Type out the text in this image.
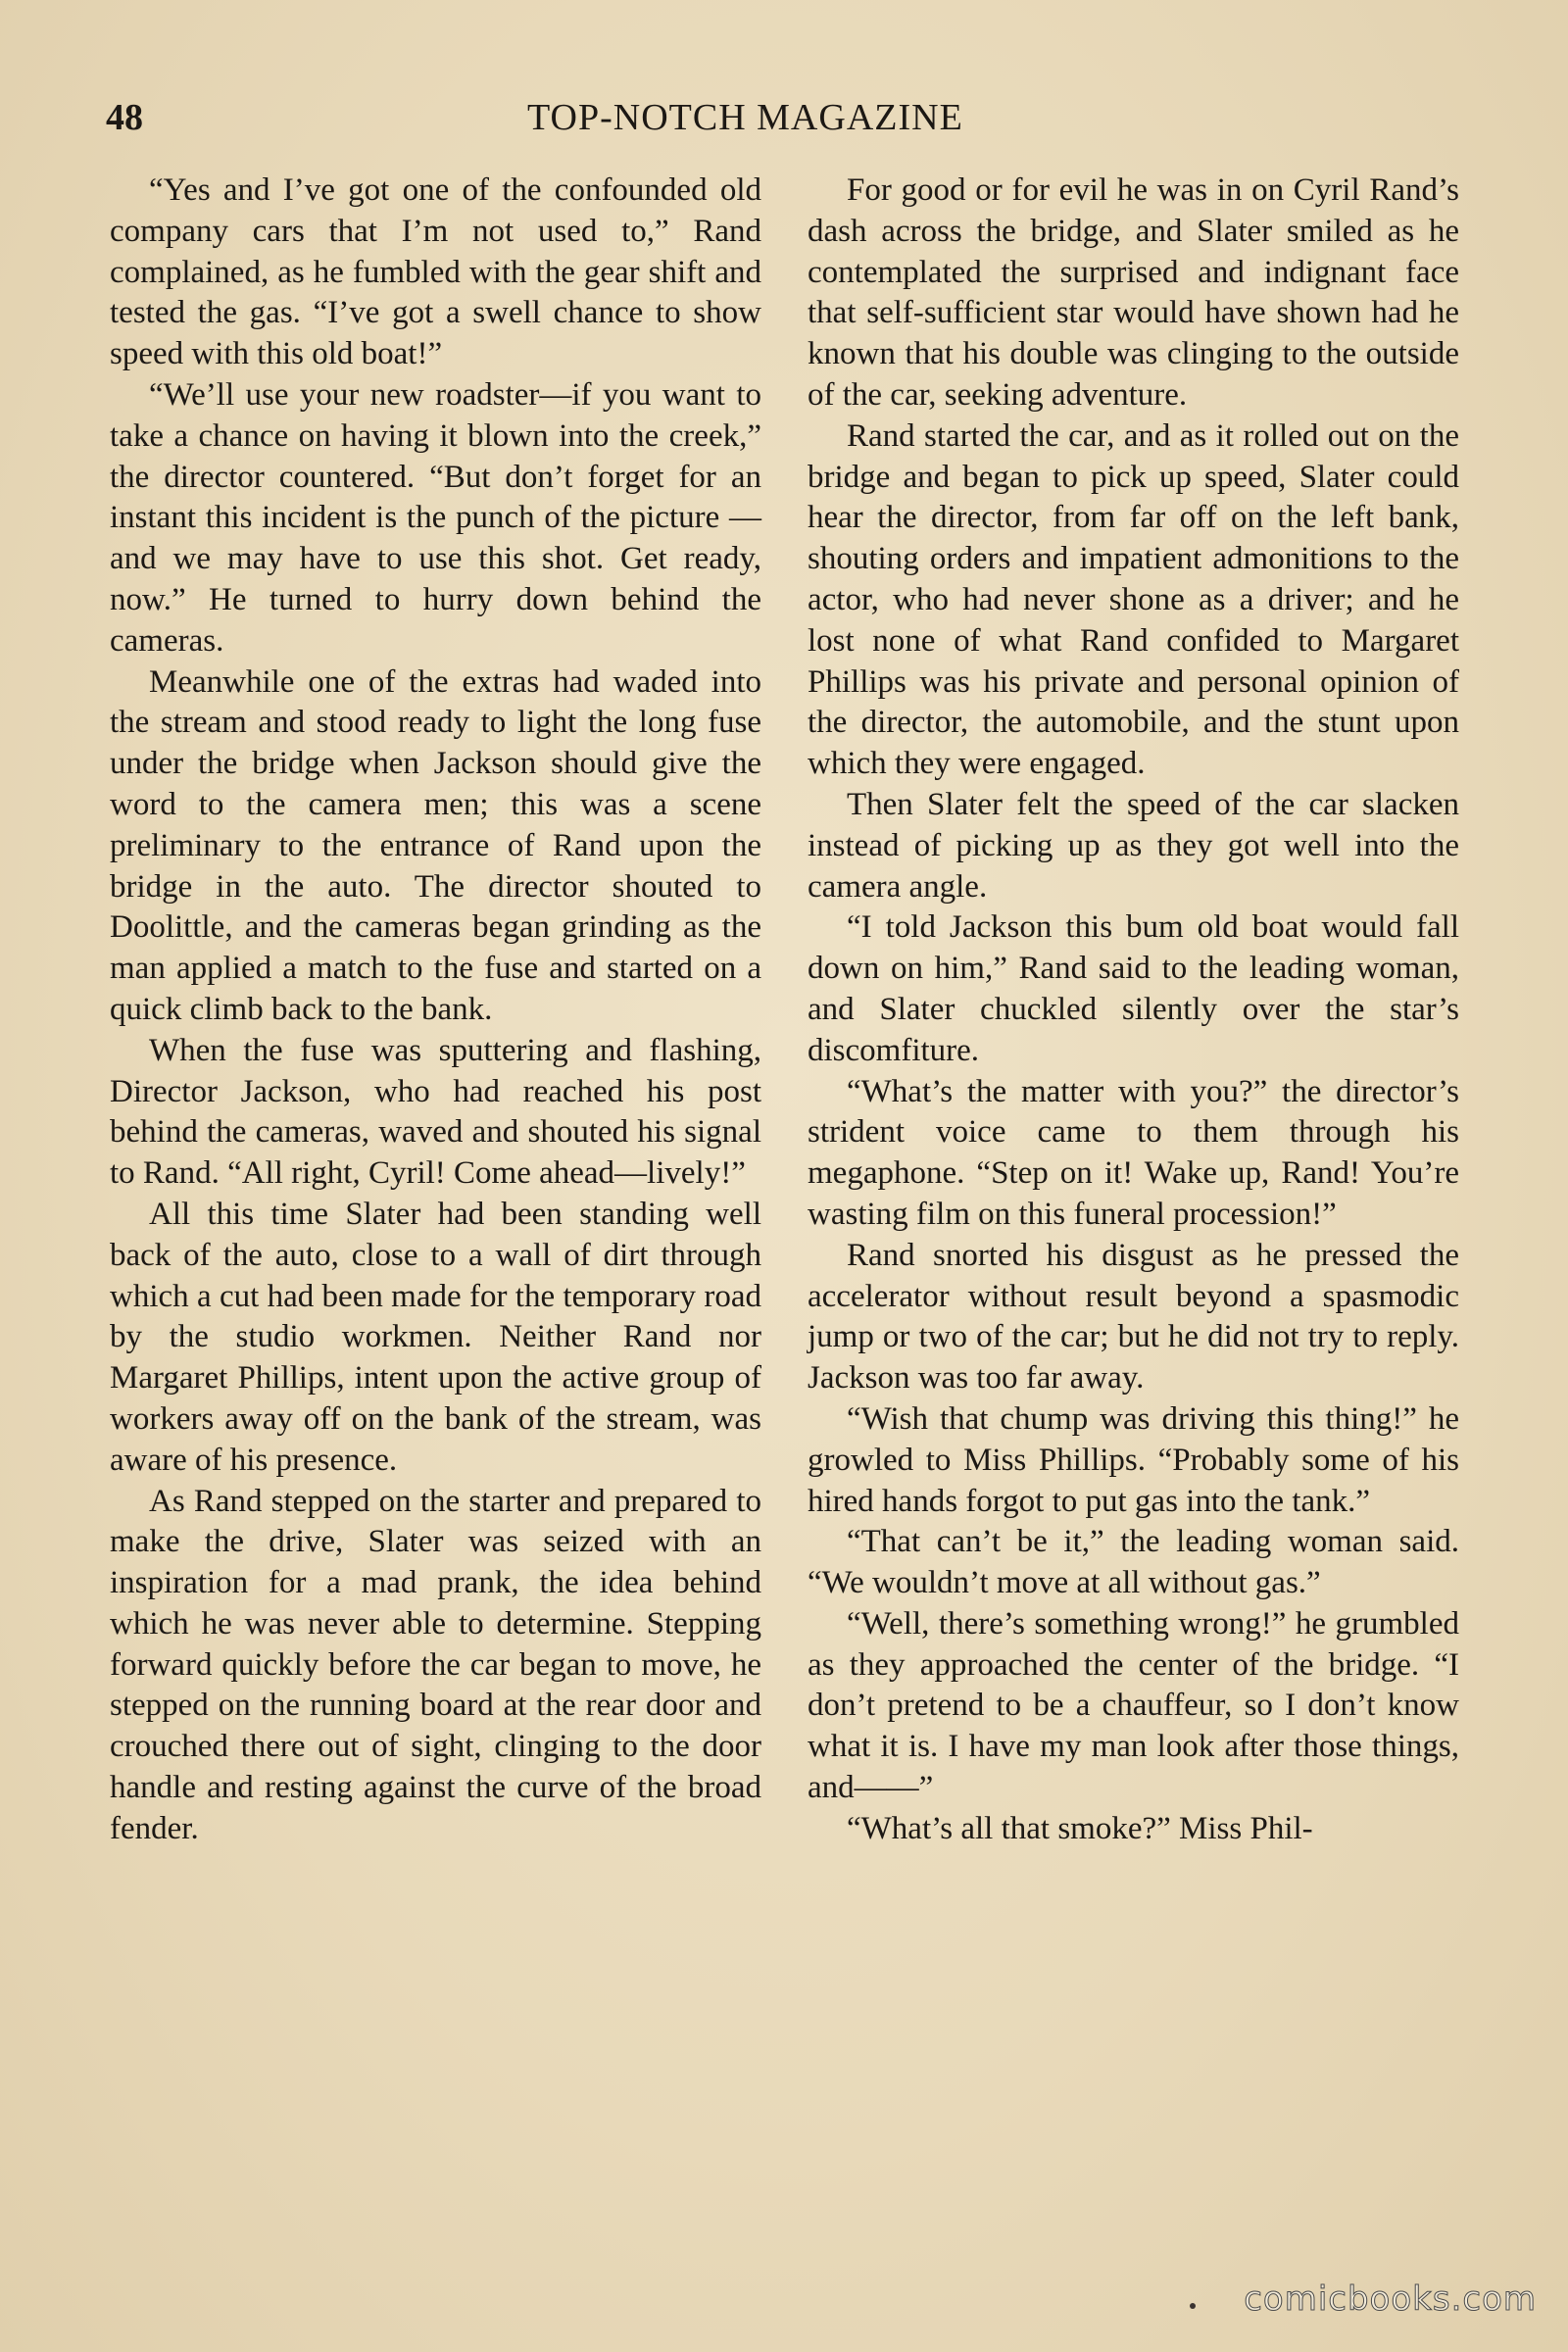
48	TOP-NOTCH MAGAZINE

“Yes and I’ve got one of the confounded old company cars that I’m not used to,” Rand complained, as he fumbled with the gear shift and tested the gas. “I’ve got a swell chance to show speed with this old boat!”

“We’ll use your new roadster—if you want to take a chance on having it blown into the creek,” the director countered. “But don’t forget for an instant this incident is the punch of the picture —and we may have to use this shot. Get ready, now.” He turned to hurry down behind the cameras.

Meanwhile one of the extras had waded into the stream and stood ready to light the long fuse under the bridge when Jackson should give the word to the camera men; this was a scene preliminary to the entrance of Rand upon the bridge in the auto. The director shouted to Doolittle, and the cameras began grinding as the man applied a match to the fuse and started on a quick climb back to the bank.

When the fuse was sputtering and flashing, Director Jackson, who had reached his post behind the cameras, waved and shouted his signal to Rand. “All right, Cyril! Come ahead—lively!”

All this time Slater had been standing well back of the auto, close to a wall of dirt through which a cut had been made for the temporary road by the studio workmen. Neither Rand nor Margaret Phillips, intent upon the active group of workers away off on the bank of the stream, was aware of his presence.

As Rand stepped on the starter and prepared to make the drive, Slater was seized with an inspiration for a mad prank, the idea behind which he was never able to determine. Stepping forward quickly before the car began to move, he stepped on the running board at the rear door and crouched there out of sight, clinging to the door handle and resting against the curve of the broad fender.

For good or for evil he was in on Cyril Rand’s dash across the bridge, and Slater smiled as he contemplated the surprised and indignant face that self-sufficient star would have shown had he known that his double was clinging to the outside of the car, seeking adventure.

Rand started the car, and as it rolled out on the bridge and began to pick up speed, Slater could hear the director, from far off on the left bank, shouting orders and impatient admonitions to the actor, who had never shone as a driver; and he lost none of what Rand confided to Margaret Phillips was his private and personal opinion of the director, the automobile, and the stunt upon which they were engaged.

Then Slater felt the speed of the car slacken instead of picking up as they got well into the camera angle.

“I told Jackson this bum old boat would fall down on him,” Rand said to the leading woman, and Slater chuckled silently over the star’s discomfiture.

“What’s the matter with you?” the director’s strident voice came to them through his megaphone. “Step on it! Wake up, Rand! You’re wasting film on this funeral procession!”

Rand snorted his disgust as he pressed the accelerator without result beyond a spasmodic jump or two of the car; but he did not try to reply. Jackson was too far away.

“Wish that chump was driving this thing!” he growled to Miss Phillips. “Probably some of his hired hands forgot to put gas into the tank.”

“That can’t be it,” the leading woman said. “We wouldn’t move at all without gas.”

“Well, there’s something wrong!” he grumbled as they approached the center of the bridge. “I don’t pretend to be a chauffeur, so I don’t know what it is. I have my man look after those things, and——”

“What’s all that smoke?” Miss Phil-

comicbooks.com
